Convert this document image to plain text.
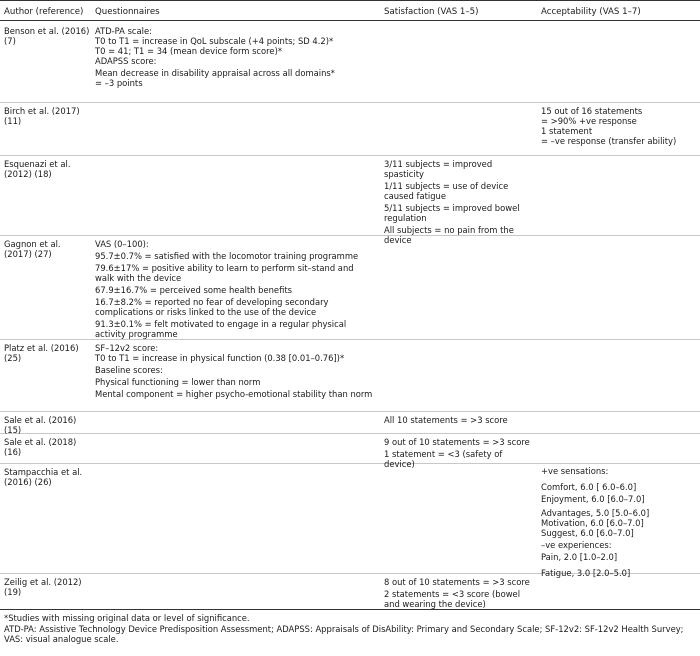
Author (reference) Questionnaires	Satisfaction (VAS 1–5)	Acceptability (VAS 1–7)
Benson et al. (2016)
(7)
ATD-PA scale:
T0 to T1 = increase in QoL subscale (+4 points; SD 4.2)*
T0 = 41; T1 = 34 (mean device form score)*
ADAPSS score:
Mean decrease in disability appraisal across all domains*
= –3 points
Birch et al. (2017)
(11)
15 out of 16 statements
= >90% +ve response
1 statement
= –ve response (transfer ability)
Esquenazi et al.
(2012) (18)
3/11 subjects = improved spasticity
1/11 subjects = use of device caused fatigue
5/11 subjects = improved bowel regulation
All subjects = no pain from the device
Gagnon et al.
(2017) (27)
VAS (0–100):
95.7±0.7% = satisfied with the locomotor training programme
79.6±17% = positive ability to learn to perform sit–stand and walk with the device
67.9±16.7% = perceived some health benefits
16.7±8.2% = reported no fear of developing secondary complications or risks linked to the use of the device
91.3±0.1% = felt motivated to engage in a regular physical activity programme
Platz et al. (2016)
(25)
SF–12v2 score:
T0 to T1 = increase in physical function (0.38 [0.01–0.76])*
Baseline scores:
Physical functioning = lower than norm
Mental component = higher psycho-emotional stability than norm
Sale et al. (2016)
(15)
All 10 statements = >3 score
Sale et al. (2018)
(16)
9 out of 10 statements = >3 score
1 statement = <3 (safety of device)
Stampacchia et al.
(2016) (26)
+ve sensations:
Comfort, 6.0 [ 6.0–6.0]
Enjoyment, 6.0 [6.0–7.0]
Advantages, 5.0 [5.0–6.0]
Motivation, 6.0 [6.0–7.0]
Suggest, 6.0 [6.0–7.0]
–ve experiences:
Pain, 2.0 [1.0–2.0]
Fatigue, 3.0 [2.0–5.0]
Zeilig et al. (2012)
(19)
8 out of 10 statements = >3 score
2 statements = <3 score (bowel and wearing the device)
*Studies with missing original data or level of significance.
ATD-PA: Assistive Technology Device Predisposition Assessment; ADAPSS: Appraisals of DisAbility: Primary and Secondary Scale; SF-12v2: SF-12v2 Health Survey; VAS: visual analogue scale.
